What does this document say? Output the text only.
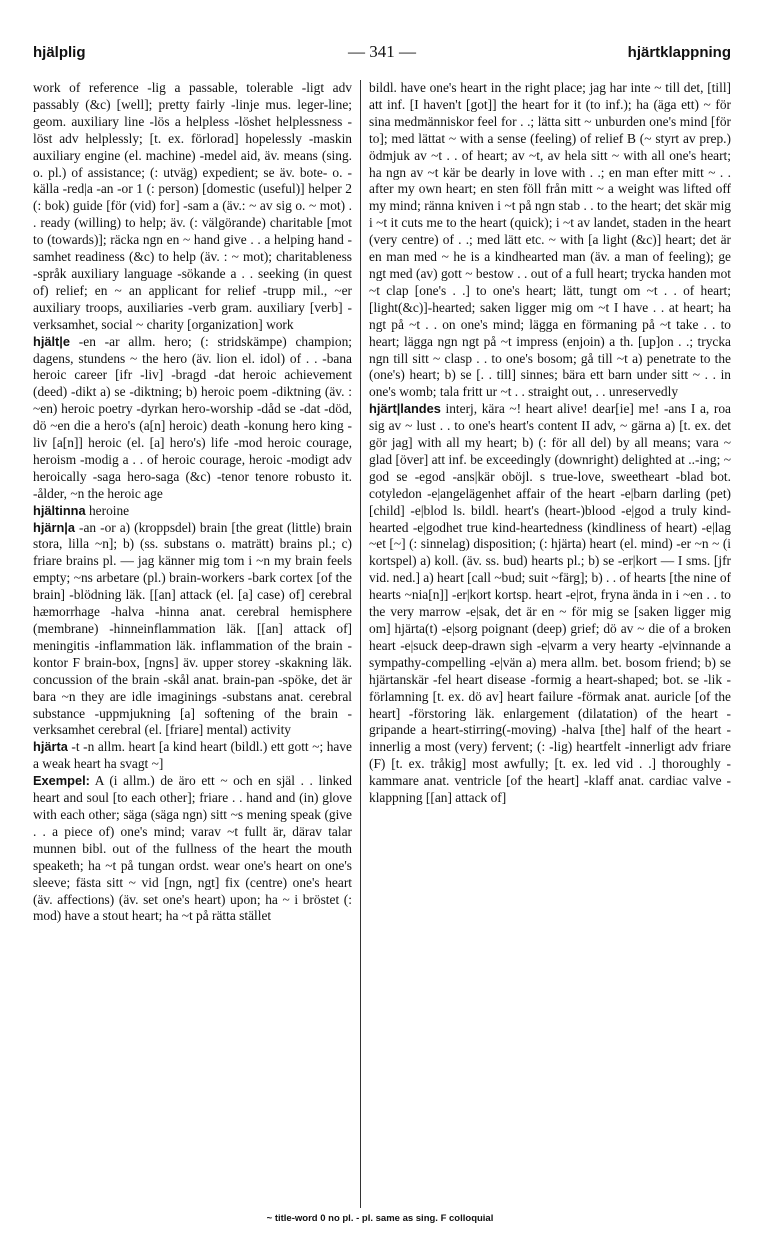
hjälplig	— 341 —	hjärtklappning

work of reference -lig a passable, tolerable -ligt adv passably (&c) [well]; pretty fairly -linje mus. leger-line; geom. auxiliary line -lös a helpless -löshet helplessness -löst adv helplessly; [t. ex. förlorad] hopelessly -maskin auxiliary engine (el. machine) -medel aid, äv. means (sing. o. pl.) of assistance; (: utväg) expedient; se äv. bote- o. -källa -red|a -an -or 1 (: person) [domestic (useful)] helper 2 (: bok) guide [för (vid) for] -sam a (äv.: ~ av sig o. ~ mot) . . ready (willing) to help; äv. (: välgörande) charitable [mot to (towards)]; räcka ngn en ~ hand give . . a helping hand -samhet readiness (&c) to help (äv. : ~ mot); charitableness -språk auxiliary language -sökande a . . seeking (in quest of) relief; en ~ an applicant for relief -trupp mil., ~er auxiliary troops, auxiliaries -verb gram. auxiliary [verb] -verksamhet, social ~ charity [organization] work

hjält|e -en -ar allm. hero; (: stridskämpe) champion; dagens, stundens ~ the hero (äv. lion el. idol) of . . -bana heroic career [ifr -liv] -bragd -dat heroic achievement (deed) -dikt a) se -diktning; b) heroic poem -diktning (äv. : ~en) heroic poetry -dyrkan hero-worship -dåd se -dat -död, dö ~en die a hero's (a[n] heroic) death -konung hero king -liv [a[n]] heroic (el. [a] hero's) life -mod heroic courage, heroism -modig a . . of heroic courage, heroic -modigt adv heroically -saga hero-saga (&c) -tenor tenore robusto it. -ålder, ~n the heroic age

hjältinna heroine

hjärn|a -an -or a) (kroppsdel) brain [the great (little) brain stora, lilla ~n]; b) (ss. substans o. maträtt) brains pl.; c) friare brains pl. — jag känner mig tom i ~n my brain feels empty; ~ns arbetare (pl.) brain-workers -bark cortex [of the brain] -blödning läk. [[an] attack (el. [a] case) of] cerebral hæmorrhage -halva -hinna anat. cerebral hemisphere (membrane) -hinneinflammation läk. [[an] attack of] meningitis -inflammation läk. inflammation of the brain -kontor F brain-box, [ngns] äv. upper storey -skakning läk. concussion of the brain -skål anat. brain-pan -spöke, det är bara ~n they are idle imaginings -substans anat. cerebral substance -uppmjukning [a] softening of the brain -verksamhet cerebral (el. [friare] mental) activity

hjärta -t -n allm. heart [a kind heart (bildl.) ett gott ~; have a weak heart ha svagt ~]

Exempel: A (i allm.) de äro ett ~ och en själ . . linked heart and soul [to each other]; friare . . hand and (in) glove with each other; säga (säga ngn) sitt ~s mening speak (give . . a piece of) one's mind; varav ~t fullt är, därav talar munnen bibl. out of the fullness of the heart the mouth speaketh; ha ~t på tungan ordst. wear one's heart on one's sleeve; fästa sitt ~ vid [ngn, ngt] fix (centre) one's heart (äv. affections) (äv. set one's heart) upon; ha ~ i bröstet (: mod) have a stout heart; ha ~t på rätta stället

bildl. have one's heart in the right place; jag har inte ~ till det, [till] att inf. [I haven't [got]] the heart for it (to inf.); ha (äga ett) ~ för sina medmänniskor feel for . .; lätta sitt ~ unburden one's mind [för to]; med lättat ~ with a sense (feeling) of relief B (~ styrt av prep.) ödmjuk av ~t . . of heart; av ~t, av hela sitt ~ with all one's heart; ha ngn av ~t kär be dearly in love with . .; en man efter mitt ~ . . after my own heart; en sten föll från mitt ~ a weight was lifted off my mind; ränna kniven i ~t på ngn stab . . to the heart; det skär mig i ~t it cuts me to the heart (quick); i ~t av landet, staden in the heart (very centre) of . .; med lätt etc. ~ with [a light (&c)] heart; det är en man med ~ he is a kindhearted man (äv. a man of feeling); ge ngt med (av) gott ~ bestow . . out of a full heart; trycka handen mot ~t clap [one's . .] to one's heart; lätt, tungt om ~t . . of heart; [light(&c)]-hearted; saken ligger mig om ~t I have . . at heart; ha ngt på ~t . . on one's mind; lägga en förmaning på ~t take . . to heart; lägga ngn ngt på ~t impress (enjoin) a th. [up]on . .; trycka ngn till sitt ~ clasp . . to one's bosom; gå till ~t a) penetrate to the (one's) heart; b) se [. . till] sinnes; bära ett barn under sitt ~ . . in one's womb; tala fritt ur ~t . . straight out, . . unreservedly

hjärt|landes interj, kära ~! heart alive! dear[ie] me! -ans I a, roa sig av ~ lust . . to one's heart's content II adv, ~ gärna a) [t. ex. det gör jag] with all my heart; b) (: för all del) by all means; vara ~ glad [över] att inf. be exceedingly (downright) delighted at ..-ing; ~ god se -egod -ans|kär oböjl. s true-love, sweetheart -blad bot. cotyledon -e|angelägenhet affair of the heart -e|barn darling (pet) [child] -e|blod ls. bildl. heart's (heart-)blood -e|god a truly kind-hearted -e|godhet true kind-heartedness (kindliness of heart) -e|lag ~et [~] (: sinnelag) disposition; (: hjärta) heart (el. mind) -er ~n ~ (i kortspel) a) koll. (äv. ss. bud) hearts pl.; b) se -er|kort — I sms. [jfr vid. ned.] a) heart [call ~bud; suit ~färg]; b) . . of hearts [the nine of hearts ~nia[n]] -er|kort kortsp. heart -e|rot, fryna ända in i ~en . . to the very marrow -e|sak, det är en ~ för mig se [saken ligger mig om] hjärta(t) -e|sorg poignant (deep) grief; dö av ~ die of a broken heart -e|suck deep-drawn sigh -e|varm a very hearty -e|vinnande a sympathy-compelling -e|vän a) mera allm. bet. bosom friend; b) se hjärtanskär -fel heart disease -formig a heart-shaped; bot. se -lik -förlamning [t. ex. dö av] heart failure -förmak anat. auricle [of the heart] -förstoring läk. enlargement (dilatation) of the heart -gripande a heart-stirring(-moving) -halva [the] half of the heart -innerlig a most (very) fervent; (: -lig) heartfelt -innerligt adv friare (F) [t. ex. tråkig] most awfully; [t. ex. led vid . .] thoroughly -kammare anat. ventricle [of the heart] -klaff anat. cardiac valve -klappning [[an] attack of]

~ title-word 0 no pl. - pl. same as sing. F colloquial
